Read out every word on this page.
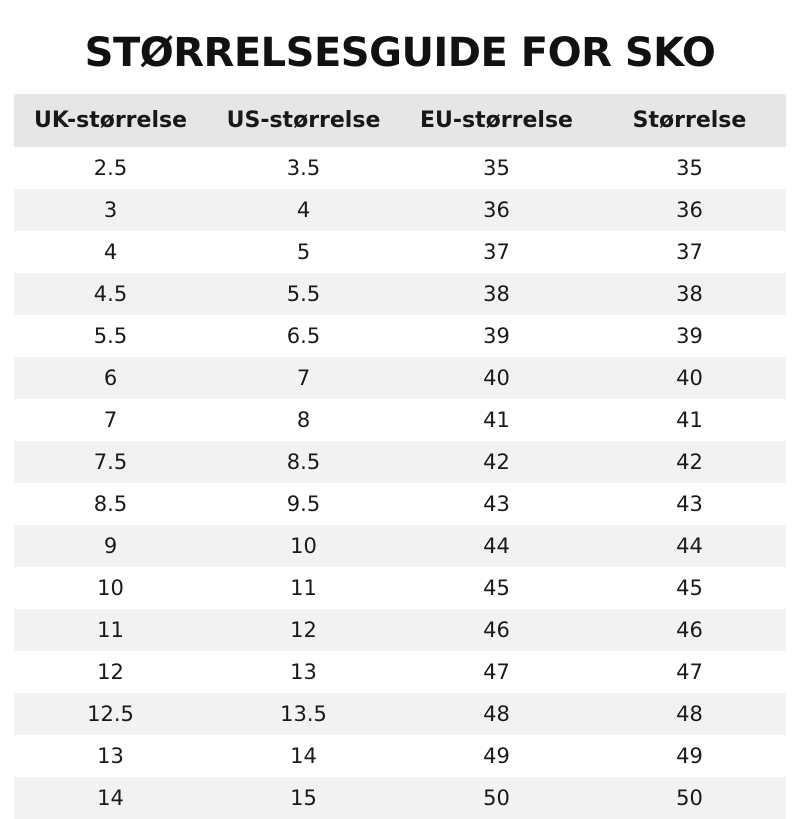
STØRRELSESGUIDE FOR SKO
UK-størrelse	US-størrelse	EU-størrelse	Størrelse
2.5	3.5	35	35
3	4	36	36
4	5	37	37
4.5	5.5	38	38
5.5	6.5	39	39
6	7	40	40
7	8	41	41
7.5	8.5	42	42
8.5	9.5	43	43
9	10	44	44
10	11	45	45
11	12	46	46
12	13	47	47
12.5	13.5	48	48
13	14	49	49
14	15	50	50
